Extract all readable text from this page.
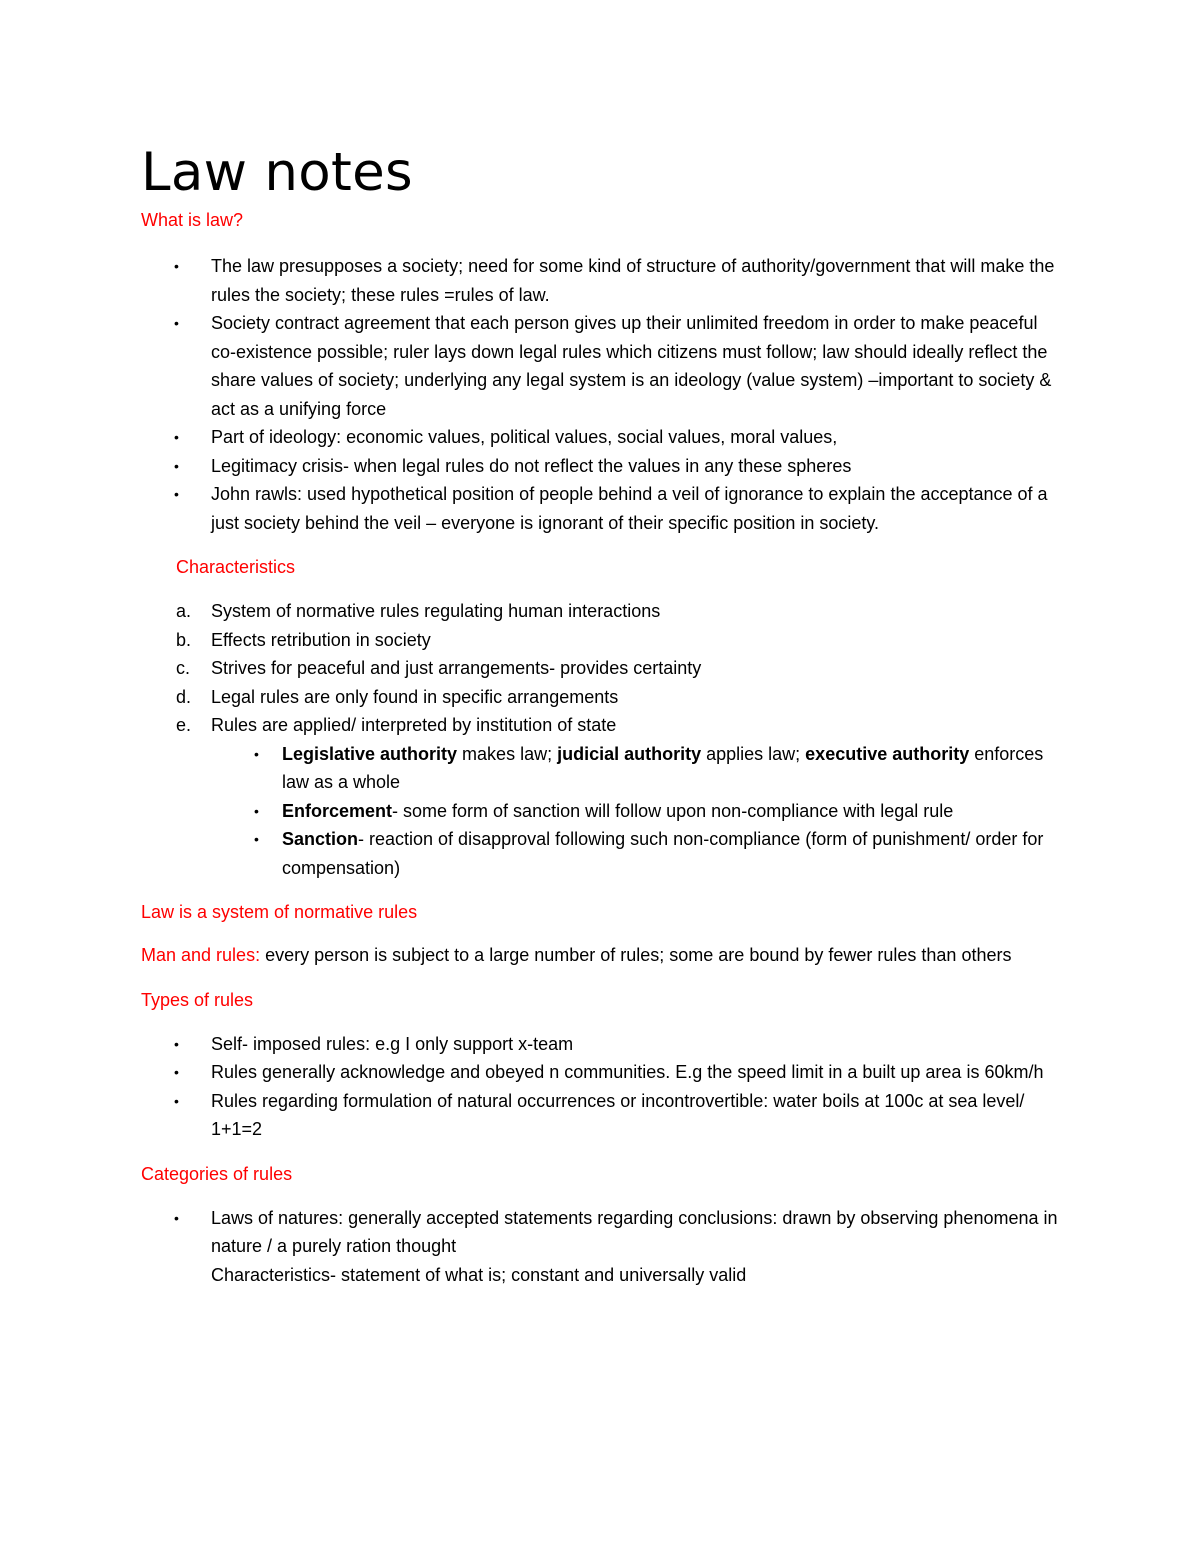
Law notes

What is law?

•	The law presupposes a society; need for some kind of structure of authority/government that will make the rules the society; these rules =rules of law.
•	Society contract agreement that each person gives up their unlimited freedom in order to make peaceful co-existence possible; ruler lays down legal rules which citizens must follow; law should ideally reflect the share values of society; underlying any legal system is an ideology (value system) –important to society & act as a unifying force
•	Part of ideology: economic values, political values, social values, moral values,
•	Legitimacy crisis- when legal rules do not reflect the values in any these spheres
•	John rawls: used hypothetical position of people behind a veil of ignorance to explain the acceptance of a just society behind the veil – everyone is ignorant of their specific position in society.

Characteristics

a.	System of normative rules regulating human interactions
b.	Effects retribution in society
c.	Strives for peaceful and just arrangements- provides certainty
d.	Legal rules are only found in specific arrangements
e.	Rules are applied/ interpreted by institution of state
•	Legislative authority makes law; judicial authority applies law; executive authority enforces law as a whole
•	Enforcement- some form of sanction will follow upon non-compliance with legal rule
•	Sanction- reaction of disapproval following such non-compliance (form of punishment/ order for compensation)

Law is a system of normative rules

Man and rules: every person is subject to a large number of rules; some are bound by fewer rules than others

Types of rules

•	Self- imposed rules: e.g I only support x-team
•	Rules generally acknowledge and obeyed n communities. E.g the speed limit in a built up area is 60km/h
•	Rules regarding formulation of natural occurrences or incontrovertible: water boils at 100c at sea level/ 1+1=2

Categories of rules

•	Laws of natures: generally accepted statements regarding conclusions: drawn by observing phenomena in nature / a purely ration thought
Characteristics- statement of what is; constant and universally valid
